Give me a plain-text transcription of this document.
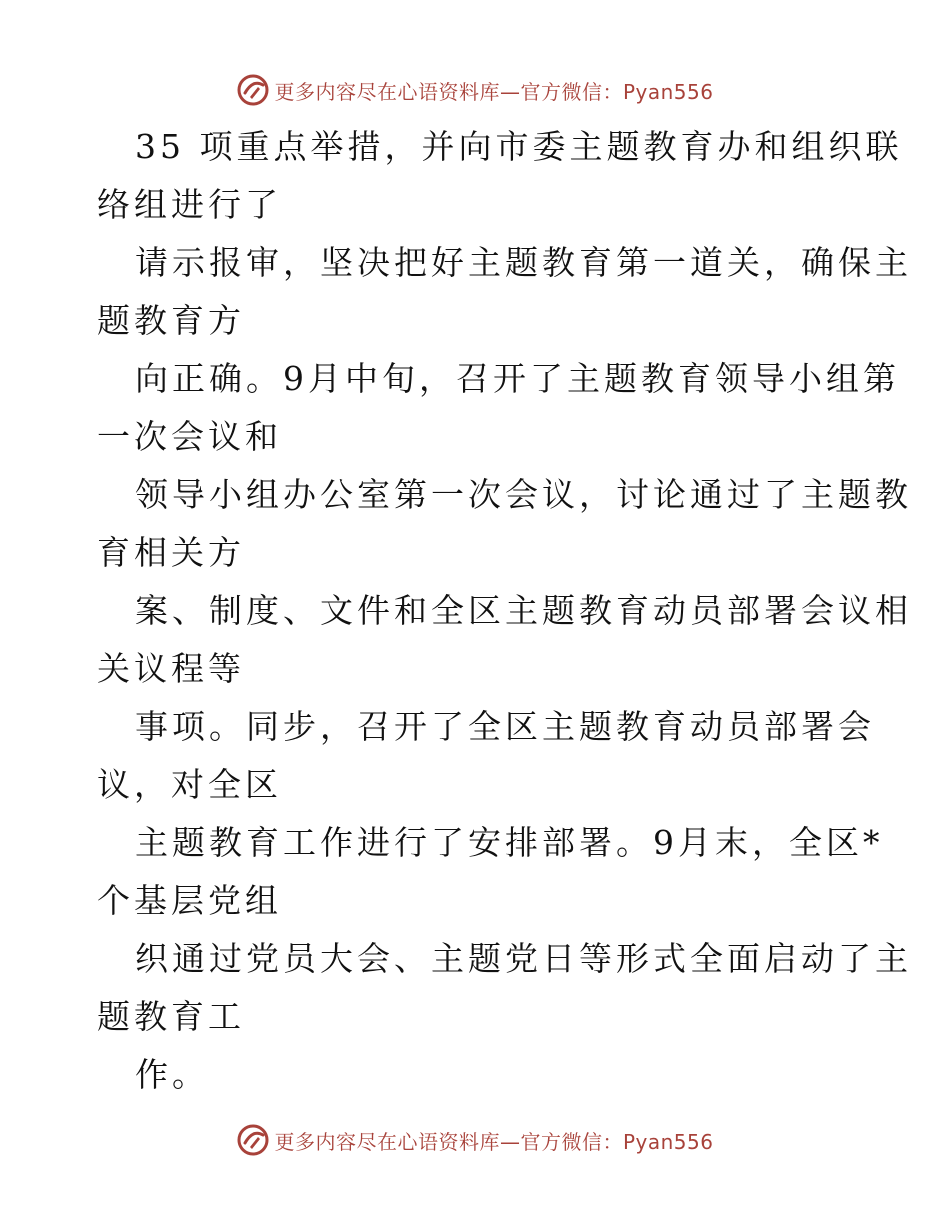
更多内容尽在心语资料库—官方微信：Pyan556

35 项重点举措，并向市委主题教育办和组织联
络组进行了

请示报审，坚决把好主题教育第一道关，确保主
题教育方

向正确。9月中旬，召开了主题教育领导小组第
一次会议和

领导小组办公室第一次会议，讨论通过了主题教
育相关方

案、制度、文件和全区主题教育动员部署会议相
关议程等

事项。同步，召开了全区主题教育动员部署会
议，对全区

主题教育工作进行了安排部署。9月末，全区*
个基层党组

织通过党员大会、主题党日等形式全面启动了主
题教育工

作。

更多内容尽在心语资料库—官方微信：Pyan556
